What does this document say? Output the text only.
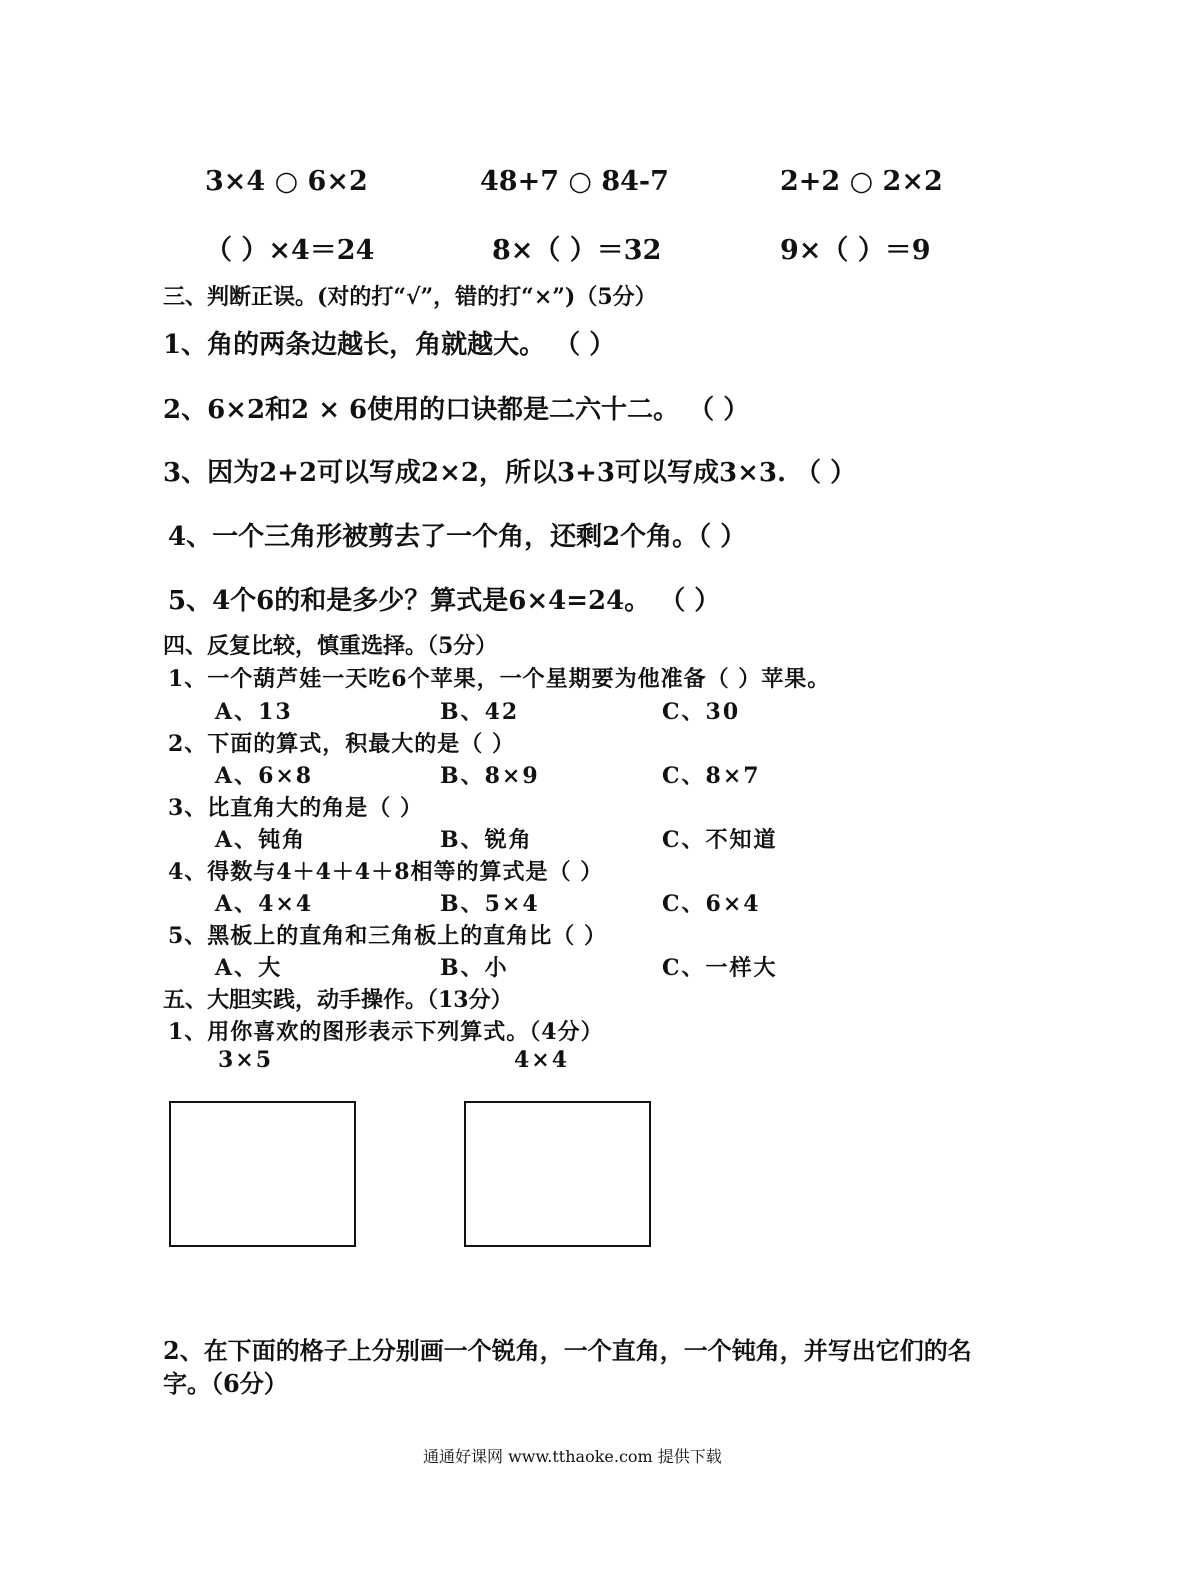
3×4 ○ 6×2	48+7 ○ 84-7	2+2 ○ 2×2
（ ）×4＝24	8×（ ）＝32	9×（ ）＝9
三、判断正误。(对的打“√”，错的打“×”)（5分）
1、角的两条边越长，角就越大。 （ ）
2、6×2和2 × 6使用的口诀都是二六十二。 （ ）
3、因为2+2可以写成2×2，所以3+3可以写成3×3. （ ）
4、一个三角形被剪去了一个角，还剩2个角。（ ）
5、4个6的和是多少？算式是6×4=24。 （ ）
四、反复比较，慎重选择。（5分）
1、一个葫芦娃一天吃6个苹果，一个星期要为他准备（ ）苹果。
A、13	B、42	C、30
2、下面的算式，积最大的是（ ）
A、6×8	B、8×9	C、8×7
3、比直角大的角是（ ）
A、钝角	B、锐角	C、不知道
4、得数与4＋4＋4＋8相等的算式是（ ）
A、4×4	B、5×4	C、6×4
5、黑板上的直角和三角板上的直角比（ ）
A、大	B、小	C、一样大
五、大胆实践，动手操作。（13分）
1、用你喜欢的图形表示下列算式。（4分）
3×5	4×4
2、在下面的格子上分别画一个锐角，一个直角，一个钝角，并写出它们的名
字。（6分）
通通好课网 www.tthaoke.com 提供下载
